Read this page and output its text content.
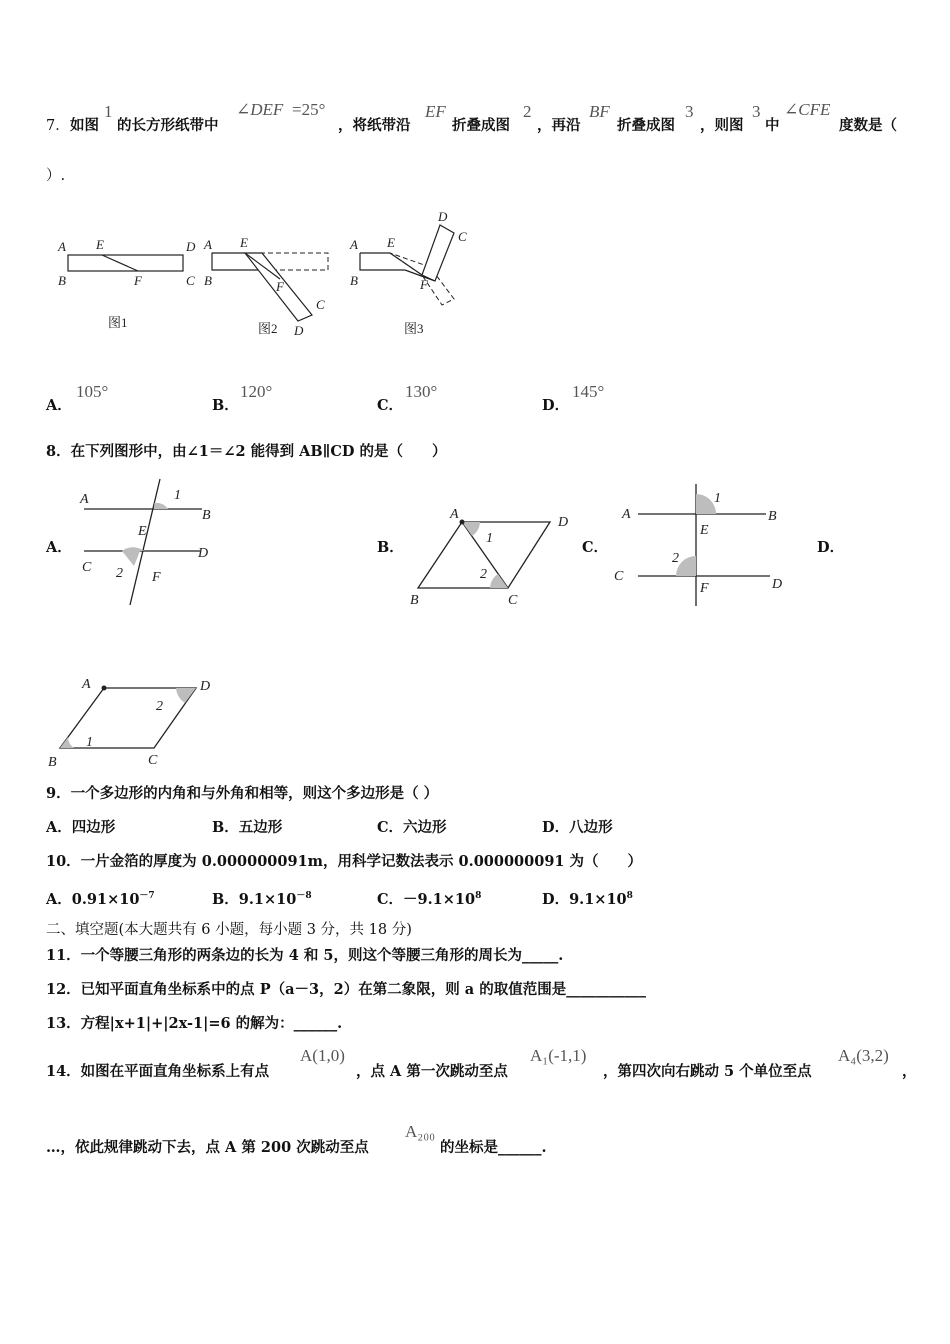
7． 如图
1
的长方形纸带中
∠DEF =25°
，将纸带沿
EF
折叠成图
2
，再沿
BF
折叠成图
3
，则图
3
中
∠CFE
度数是（
）.
A E	D
B	F	C
图1
A E
B	F
C
D
图2
A E
B	F
D
C
图3
A．
105°
B．
120°
C．
130°
D．
145°
8．在下列图形中，由∠1＝∠2 能得到 AB∥CD 的是（　　）
A．
A
B
1
E
D
C 2 F
B．
A
D
1
2
B	C
C．
A	B
1
E
2
C
F	D
D．
A	D
2
1
B	C
9．一个多边形的内角和与外角和相等，则这个多边形是（ ）
A．四边形	B．五边形	C．六边形	D．八边形
10．一片金箔的厚度为 0.000000091m，用科学记数法表示 0.000000091 为（　　）
A．$0.91\times 10^{-7}$	B．$9.1\times 10^{-8}$	C．$-9.1\times 10^8$	D．$9.1\times 10^8$
二、填空题(本大题共有 6 小题，每小题 3 分，共 18 分)
11．一个等腰三角形的两条边的长为 4 和 5，则这个等腰三角形的周长为_____.
12．已知平面直角坐标系中的点 P（a－3，2）在第二象限，则 a 的取值范围是___________
13．方程|x+1|+|2x-1|=6 的解为：______.
14．如图在平面直角坐标系上有点
A(1,0)
，点 A 第一次跳动至点
A₁(-1,1)
，第四次向右跳动 5 个单位至点
A₄(3,2)
，
…，依此规律跳动下去，点 A 第 200 次跳动至点
A₂₀₀
的坐标是______.
